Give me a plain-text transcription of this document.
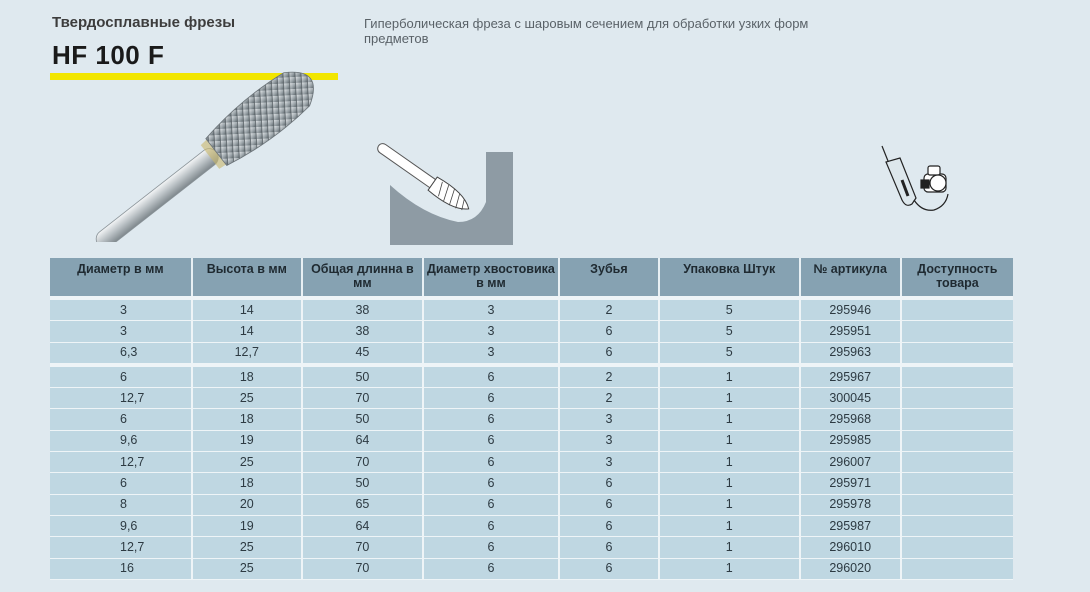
Твердосплавные фрезы
HF 100 F
Гиперболическая фреза с шаровым сечением для обработки узких форм предметов
Диаметр в мм	Высота в мм	Общая длинна в мм	Диаметр хвостовика в мм	Зубья	Упаковка Штук	№ артикула	Доступность товара
3	14	38	3	2	5	295946	
3	14	38	3	6	5	295951	
6,3	12,7	45	3	6	5	295963	
6	18	50	6	2	1	295967	
12,7	25	70	6	2	1	300045	
6	18	50	6	3	1	295968	
9,6	19	64	6	3	1	295985	
12,7	25	70	6	3	1	296007	
6	18	50	6	6	1	295971	
8	20	65	6	6	1	295978	
9,6	19	64	6	6	1	295987	
12,7	25	70	6	6	1	296010	
16	25	70	6	6	1	296020	
